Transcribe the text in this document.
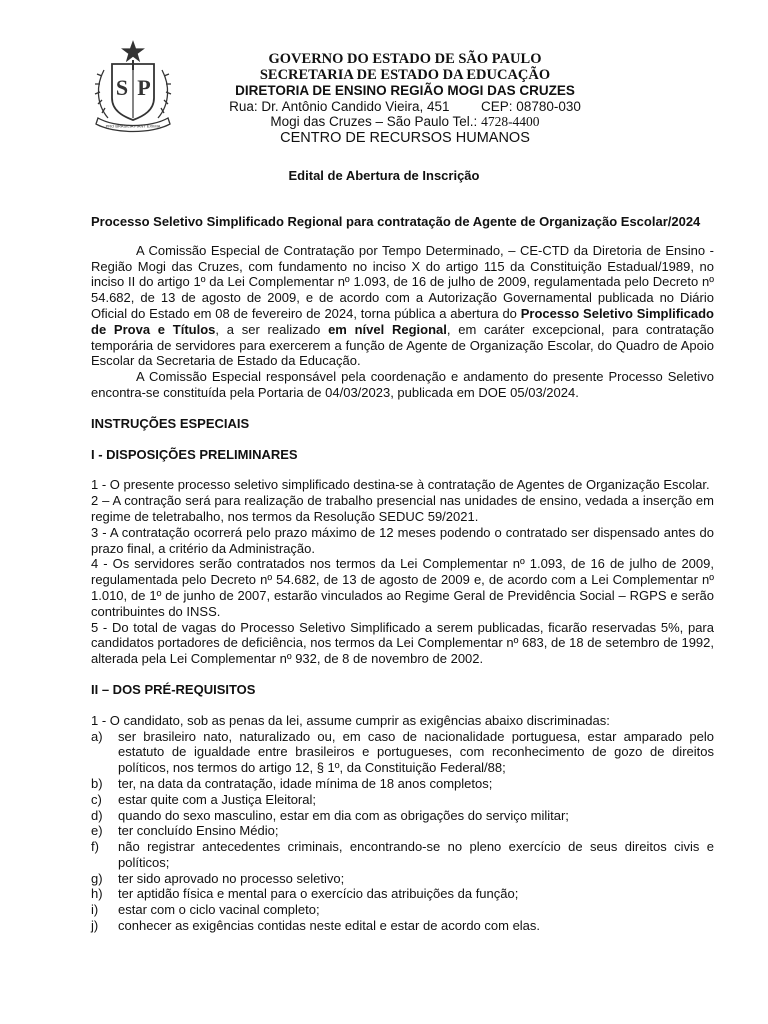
S P
PRO BRASILIA FIANT EXIMIA
GOVERNO DO ESTADO DE SÃO PAULO
SECRETARIA DE ESTADO DA EDUCAÇÃO
DIRETORIA DE ENSINO REGIÃO MOGI DAS CRUZES
Rua: Dr. Antônio Candido Vieira, 451 CEP: 08780-030
Mogi das Cruzes – São Paulo Tel.: 4728-4400
CENTRO DE RECURSOS HUMANOS
Edital de Abertura de Inscrição

Processo Seletivo Simplificado Regional para contratação de Agente de Organização Escolar/2024

A Comissão Especial de Contratação por Tempo Determinado, – CE-CTD da Diretoria de Ensino - Região Mogi das Cruzes, com fundamento no inciso X do artigo 115 da Constituição Estadual/1989, no inciso II do artigo 1º da Lei Complementar nº 1.093, de 16 de julho de 2009, regulamentada pelo Decreto nº 54.682, de 13 de agosto de 2009, e de acordo com a Autorização Governamental publicada no Diário Oficial do Estado em 08 de fevereiro de 2024, torna pública a abertura do Processo Seletivo Simplificado de Prova e Títulos, a ser realizado em nível Regional, em caráter excepcional, para contratação temporária de servidores para exercerem a função de Agente de Organização Escolar, do Quadro de Apoio Escolar da Secretaria de Estado da Educação.

A Comissão Especial responsável pela coordenação e andamento do presente Processo Seletivo encontra-se constituída pela Portaria de 04/03/2023, publicada em DOE 05/03/2024.

INSTRUÇÕES ESPECIAIS

I - DISPOSIÇÕES PRELIMINARES

1 - O presente processo seletivo simplificado destina-se à contratação de Agentes de Organização Escolar.

2 – A contração será para realização de trabalho presencial nas unidades de ensino, vedada a inserção em regime de teletrabalho, nos termos da Resolução SEDUC 59/2021.

3 - A contratação ocorrerá pelo prazo máximo de 12 meses podendo o contratado ser dispensado antes do prazo final, a critério da Administração.

4 - Os servidores serão contratados nos termos da Lei Complementar nº 1.093, de 16 de julho de 2009, regulamentada pelo Decreto nº 54.682, de 13 de agosto de 2009 e, de acordo com a Lei Complementar nº 1.010, de 1º de junho de 2007, estarão vinculados ao Regime Geral de Previdência Social – RGPS e serão contribuintes do INSS.

5 - Do total de vagas do Processo Seletivo Simplificado a serem publicadas, ficarão reservadas 5%, para candidatos portadores de deficiência, nos termos da Lei Complementar nº 683, de 18 de setembro de 1992, alterada pela Lei Complementar nº 932, de 8 de novembro de 2002.

II – DOS PRÉ-REQUISITOS

1 - O candidato, sob as penas da lei, assume cumprir as exigências abaixo discriminadas:

a)	ser brasileiro nato, naturalizado ou, em caso de nacionalidade portuguesa, estar amparado pelo estatuto de igualdade entre brasileiros e portugueses, com reconhecimento de gozo de direitos políticos, nos termos do artigo 12, § 1º, da Constituição Federal/88;
b)	ter, na data da contratação, idade mínima de 18 anos completos;
c)	estar quite com a Justiça Eleitoral;
d)	quando do sexo masculino, estar em dia com as obrigações do serviço militar;
e)	ter concluído Ensino Médio;
f)	não registrar antecedentes criminais, encontrando-se no pleno exercício de seus direitos civis e políticos;
g)	ter sido aprovado no processo seletivo;
h)	ter aptidão física e mental para o exercício das atribuições da função;
i)	estar com o ciclo vacinal completo;
j)	conhecer as exigências contidas neste edital e estar de acordo com elas.
